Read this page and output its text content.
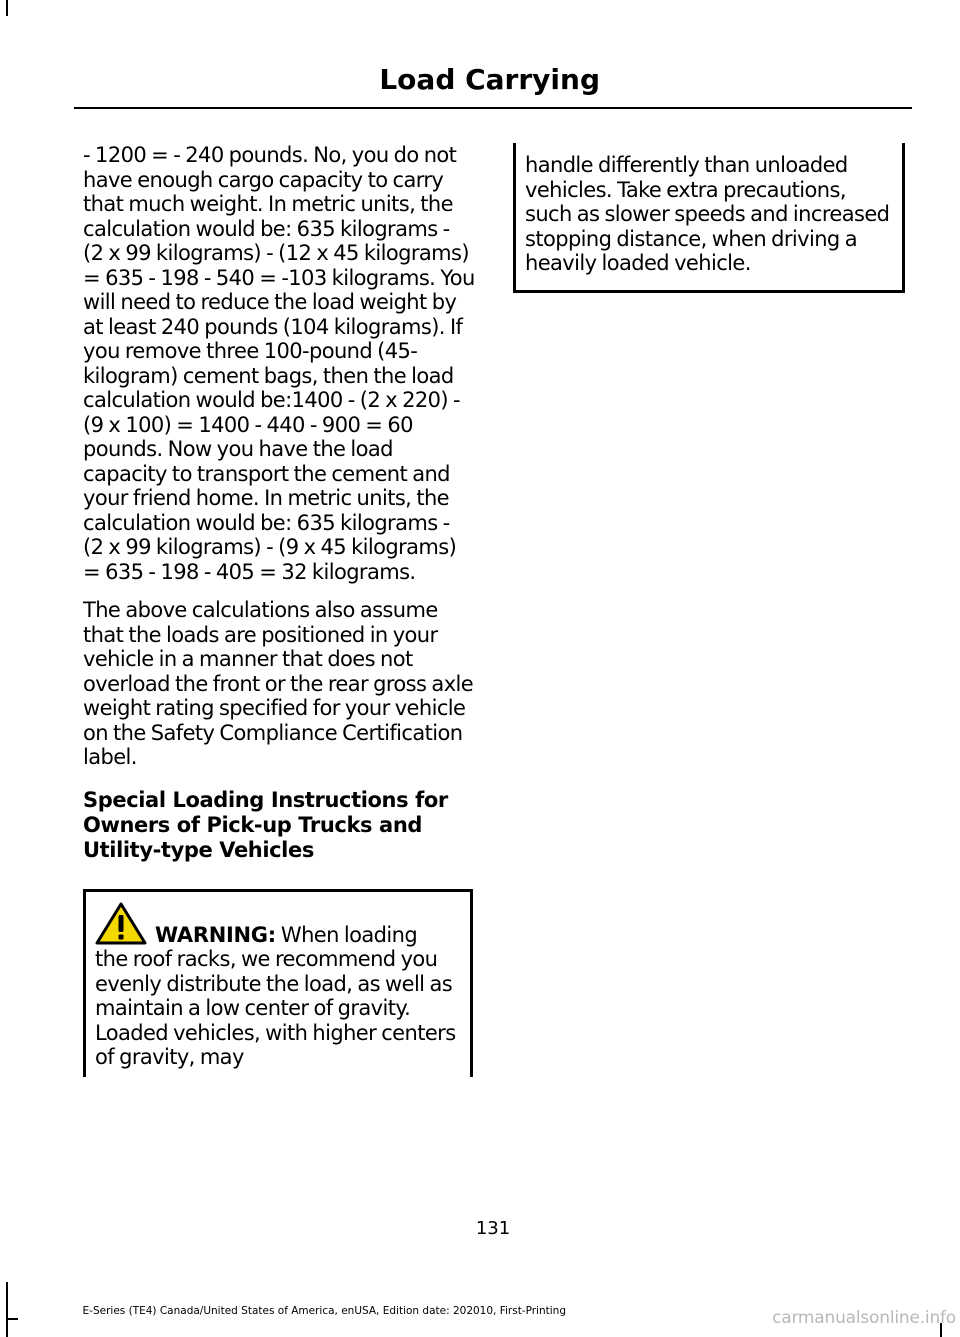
Load Carrying

- 1200 = - 240 pounds. No, you do not have enough cargo capacity to carry that much weight. In metric units, the calculation would be: 635 kilograms - (2 x 99 kilograms) - (12 x 45 kilograms) = 635 - 198 - 540 = -103 kilograms. You will need to reduce the load weight by at least 240 pounds (104 kilograms). If you remove three 100-pound (45-kilogram) cement bags, then the load calculation would be:1400 - (2 x 220) - (9 x 100) = 1400 - 440 - 900 = 60 pounds. Now you have the load capacity to transport the cement and your friend home. In metric units, the calculation would be: 635 kilograms - (2 x 99 kilograms) - (9 x 45 kilograms) = 635 - 198 - 405 = 32 kilograms.

The above calculations also assume that the loads are positioned in your vehicle in a manner that does not overload the front or the rear gross axle weight rating specified for your vehicle on the Safety Compliance Certification label.

Special Loading Instructions for Owners of Pick-up Trucks and Utility-type Vehicles

WARNING: When loading
the roof racks, we recommend you evenly distribute the load, as well as maintain a low center of gravity. Loaded vehicles, with higher centers of gravity, may

handle differently than unloaded vehicles. Take extra precautions, such as slower speeds and increased stopping distance, when driving a heavily loaded vehicle.

131
E-Series (TE4) Canada/United States of America, enUSA, Edition date: 202010, First-Printing	carmanualsonline.info
